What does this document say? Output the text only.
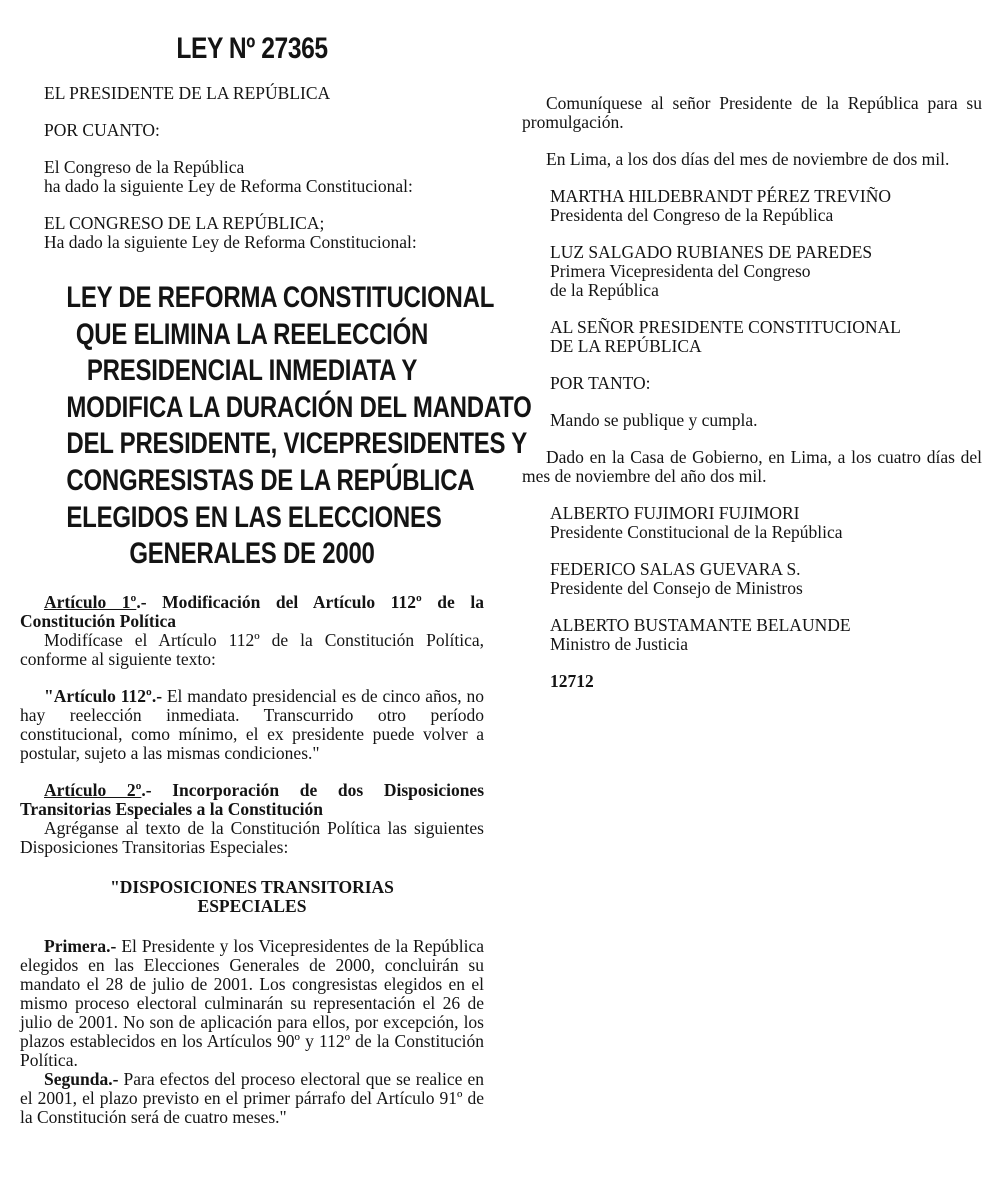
LEY Nº 27365

EL PRESIDENTE DE LA REPÚBLICA

POR CUANTO:

El Congreso de la República

ha dado la siguiente Ley de Reforma Constitucional:

EL CONGRESO DE LA REPÚBLICA;

Ha dado la siguiente Ley de Reforma Constitucional:

LEY DE REFORMA CONSTITUCIONAL
QUE ELIMINA LA REELECCIÓN
PRESIDENCIAL INMEDIATA Y
MODIFICA LA DURACIÓN DEL MANDATO
DEL PRESIDENTE, VICEPRESIDENTES Y
CONGRESISTAS DE LA REPÚBLICA
ELEGIDOS EN LAS ELECCIONES
GENERALES DE 2000

Artículo 1º.- Modificación del Artículo 112º de la Constitución Política

Modifícase el Artículo 112º de la Constitución Política, conforme al siguiente texto:

"Artículo 112º.- El mandato presidencial es de cinco años, no hay reelección inmediata. Transcurrido otro período constitucional, como mínimo, el ex presidente puede volver a postular, sujeto a las mismas condiciones."

Artículo 2º.- Incorporación de dos Disposiciones Transitorias Especiales a la Constitución

Agréganse al texto de la Constitución Política las siguientes Disposiciones Transitorias Especiales:

"DISPOSICIONES TRANSITORIAS

ESPECIALES

Primera.- El Presidente y los Vicepresidentes de la República elegidos en las Elecciones Generales de 2000, concluirán su mandato el 28 de julio de 2001. Los congresistas elegidos en el mismo proceso electoral culminarán su representación el 26 de julio de 2001. No son de aplicación para ellos, por excepción, los plazos establecidos en los Artículos 90º y 112º de la Constitución Política.

Segunda.- Para efectos del proceso electoral que se realice en el 2001, el plazo previsto en el primer párrafo del Artículo 91º de la Constitución será de cuatro meses."

Comuníquese al señor Presidente de la República para su promulgación.

En Lima, a los dos días del mes de noviembre de dos mil.

MARTHA HILDEBRANDT PÉREZ TREVIÑO
Presidenta del Congreso de la República
LUZ SALGADO RUBIANES DE PAREDES
Primera Vicepresidenta del Congreso
de la República
AL SEÑOR PRESIDENTE CONSTITUCIONAL
DE LA REPÚBLICA

POR TANTO:

Mando se publique y cumpla.

Dado en la Casa de Gobierno, en Lima, a los cuatro días del mes de noviembre del año dos mil.

ALBERTO FUJIMORI FUJIMORI
Presidente Constitucional de la República
FEDERICO SALAS GUEVARA S.
Presidente del Consejo de Ministros
ALBERTO BUSTAMANTE BELAUNDE
Ministro de Justicia

12712
